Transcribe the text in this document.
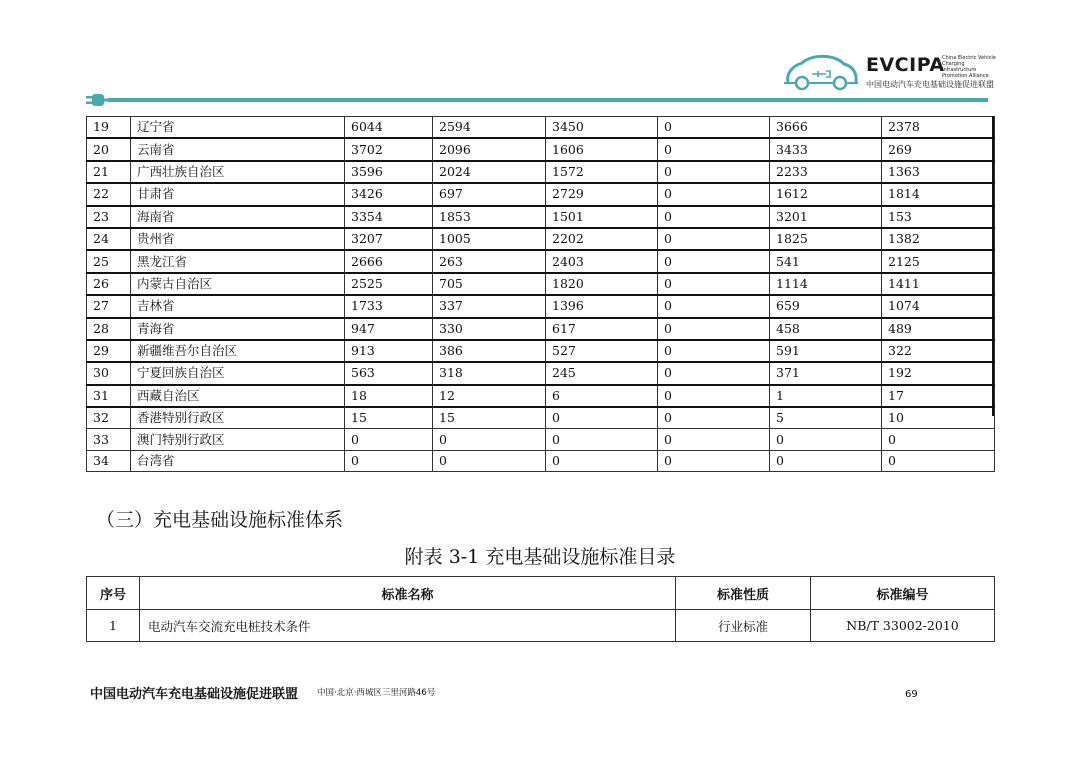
EVCIPA
China Electric Vehicle Charging Infrastructure Promotion Alliance
中国电动汽车充电基础设施促进联盟
19	辽宁省	6044	2594	3450	0	3666	2378
20	云南省	3702	2096	1606	0	3433	269
21	广西壮族自治区	3596	2024	1572	0	2233	1363
22	甘肃省	3426	697	2729	0	1612	1814
23	海南省	3354	1853	1501	0	3201	153
24	贵州省	3207	1005	2202	0	1825	1382
25	黑龙江省	2666	263	2403	0	541	2125
26	内蒙古自治区	2525	705	1820	0	1114	1411
27	吉林省	1733	337	1396	0	659	1074
28	青海省	947	330	617	0	458	489
29	新疆维吾尔自治区	913	386	527	0	591	322
30	宁夏回族自治区	563	318	245	0	371	192
31	西藏自治区	18	12	6	0	1	17
32	香港特别行政区	15	15	0	0	5	10
33	澳门特别行政区	0	0	0	0	0	0
34	台湾省	0	0	0	0	0	0
（三）充电基础设施标准体系
附表 3-1 充电基础设施标准目录
序号	标准名称	标准性质	标准编号
1	电动汽车交流充电桩技术条件	行业标准	NB/T 33002-2010
中国电动汽车充电基础设施促进联盟 中国·北京·西城区三里河路46号	69
